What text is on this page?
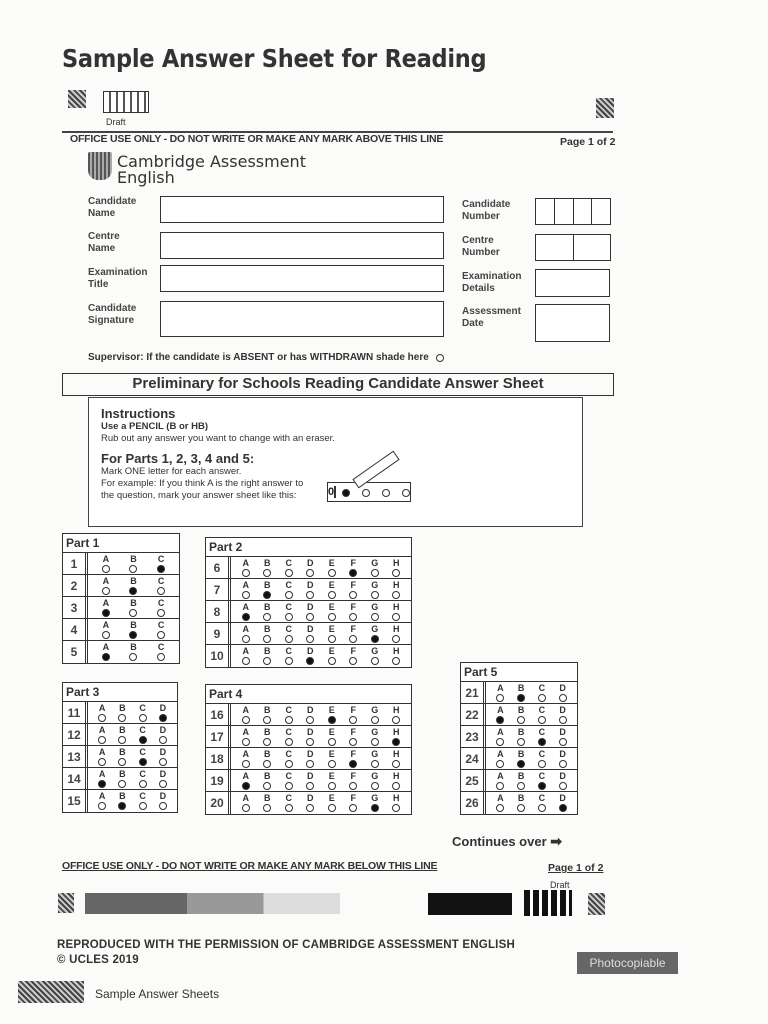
Sample Answer Sheet for Reading
Draft
OFFICE USE ONLY - DO NOT WRITE OR MAKE ANY MARK ABOVE THIS LINE	Page 1 of 2
Cambridge Assessment
English
Candidate
Name
Centre
Name
Examination
Title
Candidate
Signature
Candidate
Number
Centre
Number
Examination
Details
Assessment
Date
Supervisor: If the candidate is ABSENT or has WITHDRAWN shade here
Preliminary for Schools Reading Candidate Answer Sheet
Instructions
Use a PENCIL (B or HB)
Rub out any answer you want to change with an eraser.
For Parts 1, 2, 3, 4 and 5:
Mark ONE letter for each answer.
For example: If you think A is the right answer to
the question, mark your answer sheet like this:	0
Part 1
1	A B C
2	A B C
3	A B C
4	A B C
5	A B C
Part 2
6	A B C D E F G H
7	A B C D E F G H
8	A B C D E F G H
9	A B C D E F G H
10	A B C D E F G H
Part 3
11	A B C D
12	A B C D
13	A B C D
14	A B C D
15	A B C D
Part 4
16	A B C D E F G H
17	A B C D E F G H
18	A B C D E F G H
19	A B C D E F G H
20	A B C D E F G H
Part 5
21	A B C D
22	A B C D
23	A B C D
24	A B C D
25	A B C D
26	A B C D
Continues over ➡
OFFICE USE ONLY - DO NOT WRITE OR MAKE ANY MARK BELOW THIS LINE	Page 1 of 2
Draft
REPRODUCED WITH THE PERMISSION OF CAMBRIDGE ASSESSMENT ENGLISH
© UCLES 2019	Photocopiable
Sample Answer Sheets
